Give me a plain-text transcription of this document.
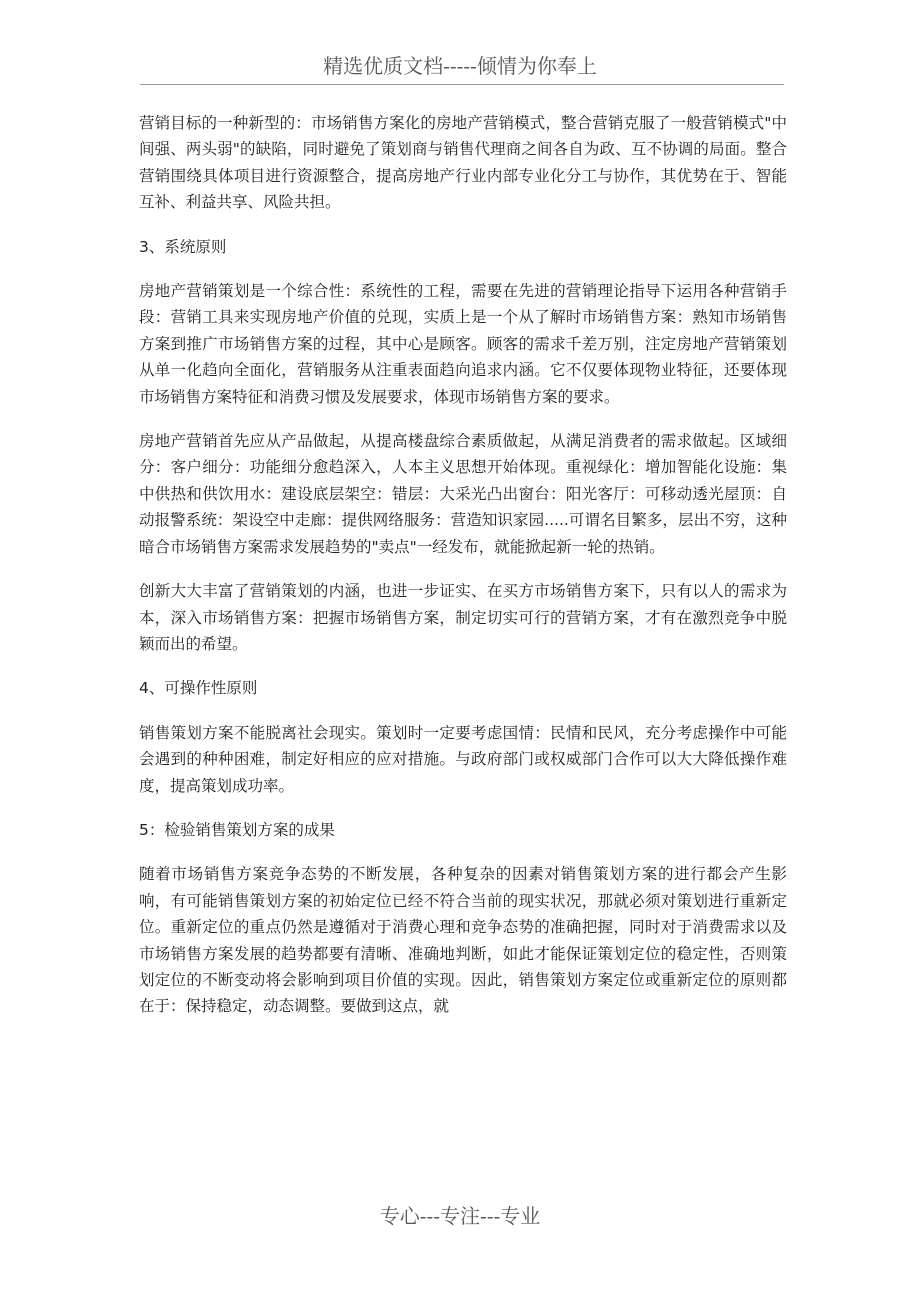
精选优质文档-----倾情为你奉上

营销目标的一种新型的：市场销售方案化的房地产营销模式，整合营销克服了一般营销模式"中间强、两头弱"的缺陷，同时避免了策划商与销售代理商之间各自为政、互不协调的局面。整合营销围绕具体项目进行资源整合，提高房地产行业内部专业化分工与协作，其优势在于、智能互补、利益共享、风险共担。

3、系统原则

房地产营销策划是一个综合性：系统性的工程，需要在先进的营销理论指导下运用各种营销手段：营销工具来实现房地产价值的兑现，实质上是一个从了解时市场销售方案：熟知市场销售方案到推广市场销售方案的过程，其中心是顾客。顾客的需求千差万别，注定房地产营销策划从单一化趋向全面化，营销服务从注重表面趋向追求内涵。它不仅要体现物业特征，还要体现市场销售方案特征和消费习惯及发展要求，体现市场销售方案的要求。

房地产营销首先应从产品做起，从提高楼盘综合素质做起，从满足消费者的需求做起。区域细分：客户细分：功能细分愈趋深入，人本主义思想开始体现。重视绿化：增加智能化设施：集中供热和供饮用水：建设底层架空：错层：大采光凸出窗台：阳光客厅：可移动透光屋顶：自动报警系统：架设空中走廊：提供网络服务：营造知识家园.....可谓名目繁多，层出不穷，这种暗合市场销售方案需求发展趋势的"卖点"一经发布，就能掀起新一轮的热销。

创新大大丰富了营销策划的内涵，也进一步证实、在买方市场销售方案下，只有以人的需求为本，深入市场销售方案：把握市场销售方案，制定切实可行的营销方案，才有在激烈竞争中脱颖而出的希望。

4、可操作性原则

销售策划方案不能脱离社会现实。策划时一定要考虑国情：民情和民风，充分考虑操作中可能会遇到的种种困难，制定好相应的应对措施。与政府部门或权威部门合作可以大大降低操作难度，提高策划成功率。

5：检验销售策划方案的成果

随着市场销售方案竞争态势的不断发展，各种复杂的因素对销售策划方案的进行都会产生影响，有可能销售策划方案的初始定位已经不符合当前的现实状况，那就必须对策划进行重新定位。重新定位的重点仍然是遵循对于消费心理和竞争态势的准确把握，同时对于消费需求以及市场销售方案发展的趋势都要有清晰、准确地判断，如此才能保证策划定位的稳定性，否则策划定位的不断变动将会影响到项目价值的实现。因此，销售策划方案定位或重新定位的原则都在于：保持稳定，动态调整。要做到这点，就

专心---专注---专业
